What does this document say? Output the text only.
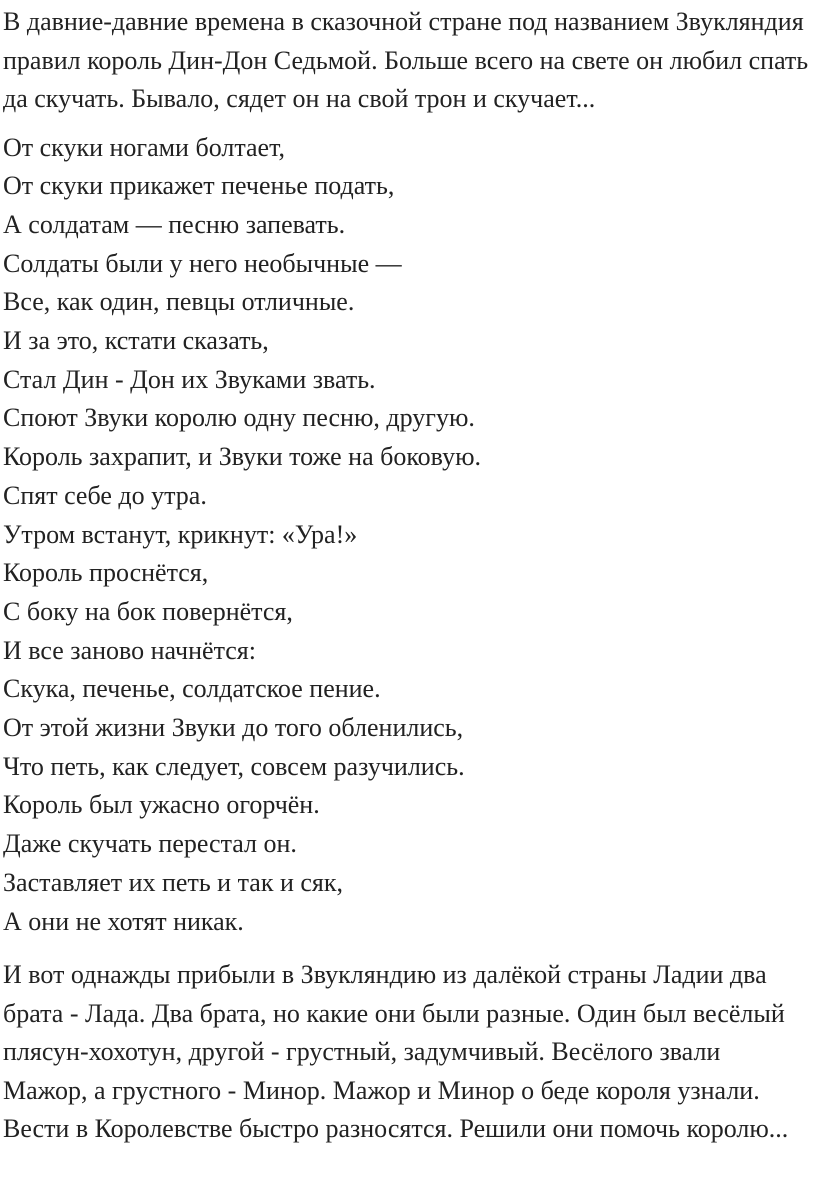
В давние-давние времена в сказочной стране под названием Звукляндия правил король Дин-Дон Седьмой. Больше всего на свете он любил спать да скучать. Бывало, сядет он на свой трон и скучает...

От скуки ногами болтает,
От скуки прикажет печенье подать,
А солдатам — песню запевать.
Солдаты были у него необычные —
Все, как один, певцы отличные.
И за это, кстати сказать,
Стал Дин - Дон их Звуками звать.
Споют Звуки королю одну песню, другую.
Король захрапит, и Звуки тоже на боковую.
Спят себе до утра.
Утром встанут, крикнут: «Ура!»
Король проснётся,
С боку на бок повернётся,
И все заново начнётся:
Скука, печенье, солдатское пение.
От этой жизни Звуки до того обленились,
Что петь, как следует, совсем разучились.
Король был ужасно огорчён.
Даже скучать перестал он.
Заставляет их петь и так и сяк,
А они не хотят никак.

И вот однажды прибыли в Звукляндию из далёкой страны Ладии два брата - Лада. Два брата, но какие они были разные. Один был весёлый плясун-хохотун, другой - грустный, задумчивый. Весёлого звали Мажор, а грустного - Минор. Мажор и Минор о беде короля узнали. Вести в Королевстве быстро разносятся. Решили они помочь королю...
